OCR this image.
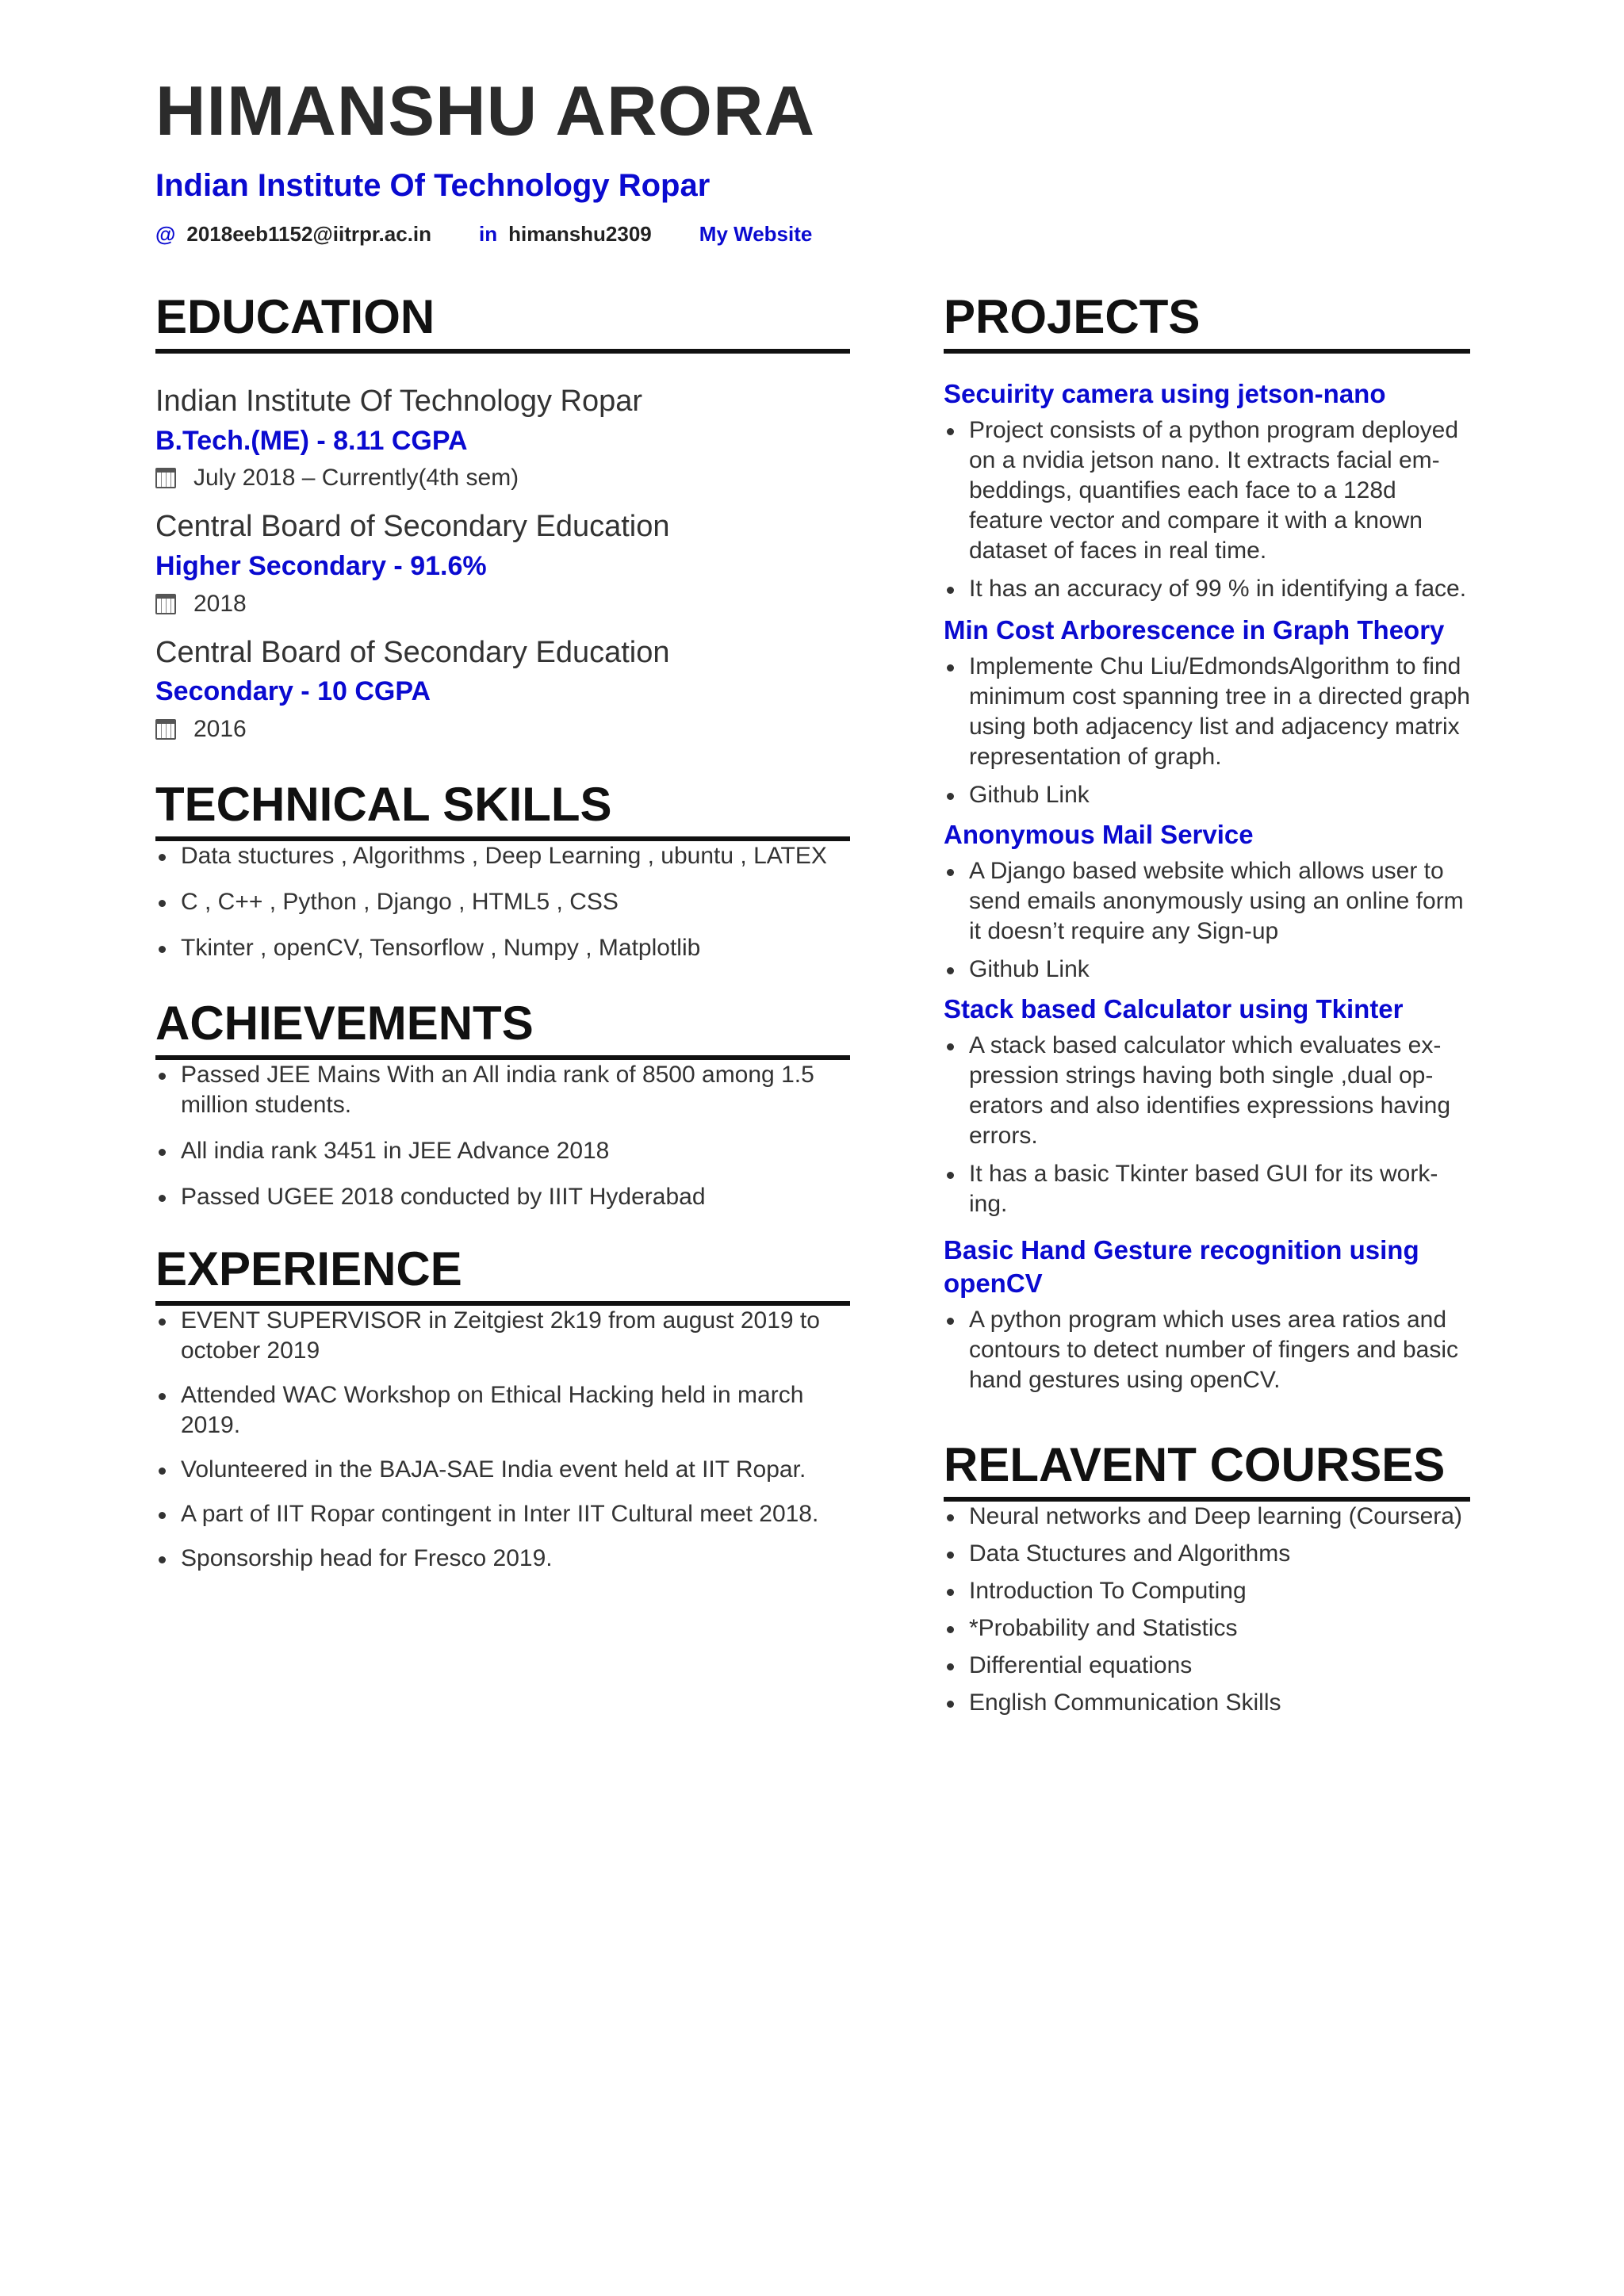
HIMANSHU ARORA
Indian Institute Of Technology Ropar
@ 2018eeb1152@iitrpr.ac.in in himanshu2309 My Website
EDUCATION
Indian Institute Of Technology Ropar
B.Tech.(ME) - 8.11 CGPA
July 2018 – Currently(4th sem)
Central Board of Secondary Education
Higher Secondary - 91.6%
2018
Central Board of Secondary Education
Secondary - 10 CGPA
2016
TECHNICAL SKILLS
Data stuctures , Algorithms , Deep Learning , ubuntu , LATEX
C , C++ , Python , Django , HTML5 , CSS
Tkinter , openCV, Tensorflow , Numpy , Matplotlib
ACHIEVEMENTS
Passed JEE Mains With an All india rank of 8500 among 1.5 million students.
All india rank 3451 in JEE Advance 2018
Passed UGEE 2018 conducted by IIIT Hyderabad
EXPERIENCE
EVENT SUPERVISOR in Zeitgiest 2k19 from august 2019 to october 2019
Attended WAC Workshop on Ethical Hacking held in march 2019.
Volunteered in the BAJA-SAE India event held at IIT Ropar.
A part of IIT Ropar contingent in Inter IIT Cultural meet 2018.
Sponsorship head for Fresco 2019.
PROJECTS
Secuirity camera using jetson-nano
Project consists of a python program deployed on a nvidia jetson nano. It extracts facial em-beddings, quantifies each face to a 128d feature vector and compare it with a known dataset of faces in real time.
It has an accuracy of 99 % in identifying a face.
Min Cost Arborescence in Graph Theory
Implemente Chu Liu/EdmondsAlgorithm to find minimum cost spanning tree in a directed graph using both adjacency list and adjacency matrix representation of graph.
Github Link
Anonymous Mail Service
A Django based website which allows user to send emails anonymously using an online form it doesn’t require any Sign-up
Github Link
Stack based Calculator using Tkinter
A stack based calculator which evaluates ex-pression strings having both single ,dual op-erators and also identifies expressions having errors.
It has a basic Tkinter based GUI for its work-ing.
Basic Hand Gesture recognition using openCV
A python program which uses area ratios and contours to detect number of fingers and basic hand gestures using openCV.
RELAVENT COURSES
Neural networks and Deep learning (Coursera)
Data Stuctures and Algorithms
Introduction To Computing
*Probability and Statistics
Differential equations
English Communication Skills
